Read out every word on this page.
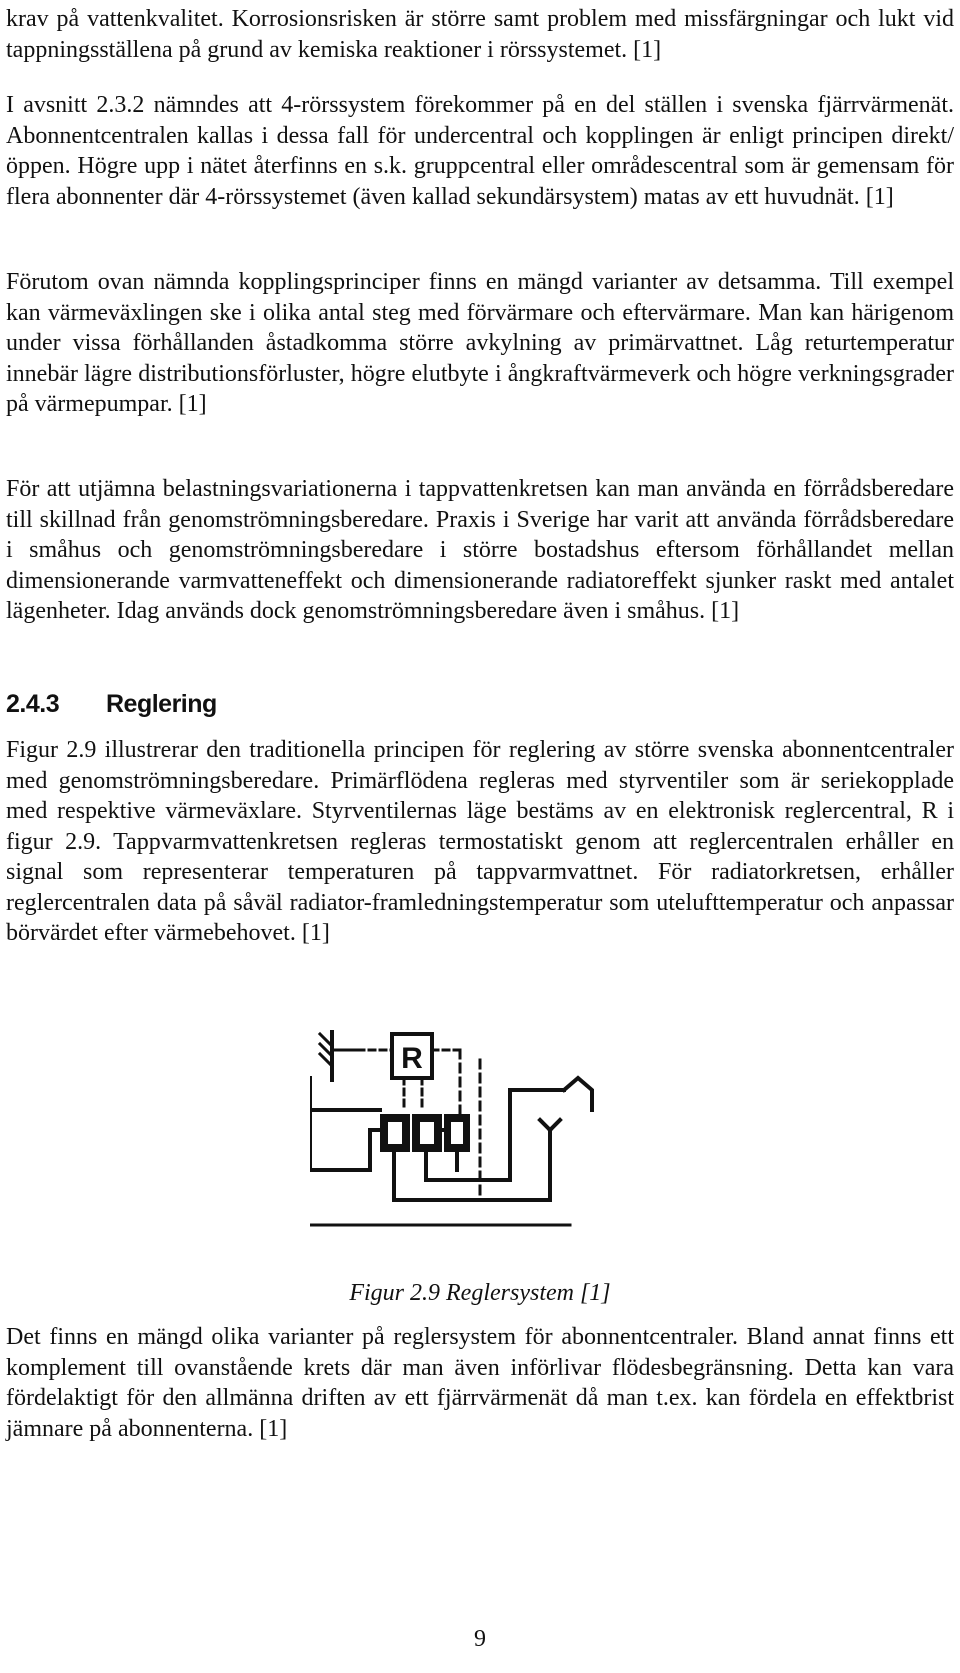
krav på vattenkvalitet. Korrosionsrisken är större samt problem med missfärgningar och lukt vid tappningsställena på grund av kemiska reaktioner i rörssystemet. [1]

I avsnitt 2.3.2 nämndes att 4-rörssystem förekommer på en del ställen i svenska fjärrvärmenät. Abonnentcentralen kallas i dessa fall för undercentral och kopplingen är enligt principen direkt/öppen. Högre upp i nätet återfinns en s.k. gruppcentral eller områdescentral som är gemensam för flera abonnenter där 4-rörssystemet (även kallad sekundärsystem) matas av ett huvudnät. [1]

Förutom ovan nämnda kopplingsprinciper finns en mängd varianter av detsamma. Till exempel kan värmeväxlingen ske i olika antal steg med förvärmare och eftervärmare. Man kan härigenom under vissa förhållanden åstadkomma större avkylning av primärvattnet. Låg returtemperatur innebär lägre distributionsförluster, högre elutbyte i ångkraftvärmeverk och högre verkningsgrader på värmepumpar. [1]

För att utjämna belastningsvariationerna i tappvattenkretsen kan man använda en förrådsberedare till skillnad från genomströmningsberedare. Praxis i Sverige har varit att använda förrådsberedare i småhus och genomströmningsberedare i större bostadshus eftersom förhållandet mellan dimensionerande varmvatteneffekt och dimensionerande radiatoreffekt sjunker raskt med antalet lägenheter. Idag används dock genomströmningsberedare även i småhus. [1]

2.4.3 Reglering

Figur 2.9 illustrerar den traditionella principen för reglering av större svenska abonnentcentraler med genomströmningsberedare. Primärflödena regleras med styrventiler som är seriekopplade med respektive värmeväxlare. Styrventilernas läge bestäms av en elektronisk reglercentral, R i figur 2.9. Tappvarmvattenkretsen regleras termostatiskt genom att reglercentralen erhåller en signal som representerar temperaturen på tappvarmvattnet. För radiatorkretsen, erhåller reglercentralen data på såväl radiator-framledningstemperatur som utelufttemperatur och anpassar börvärdet efter värmebehovet. [1]

R

Figur 2.9 Reglersystem [1]

Det finns en mängd olika varianter på reglersystem för abonnentcentraler. Bland annat finns ett komplement till ovanstående krets där man även införlivar flödesbegränsning. Detta kan vara fördelaktigt för den allmänna driften av ett fjärrvärmenät då man t.ex. kan fördela en effektbrist jämnare på abonnenterna. [1]

9
